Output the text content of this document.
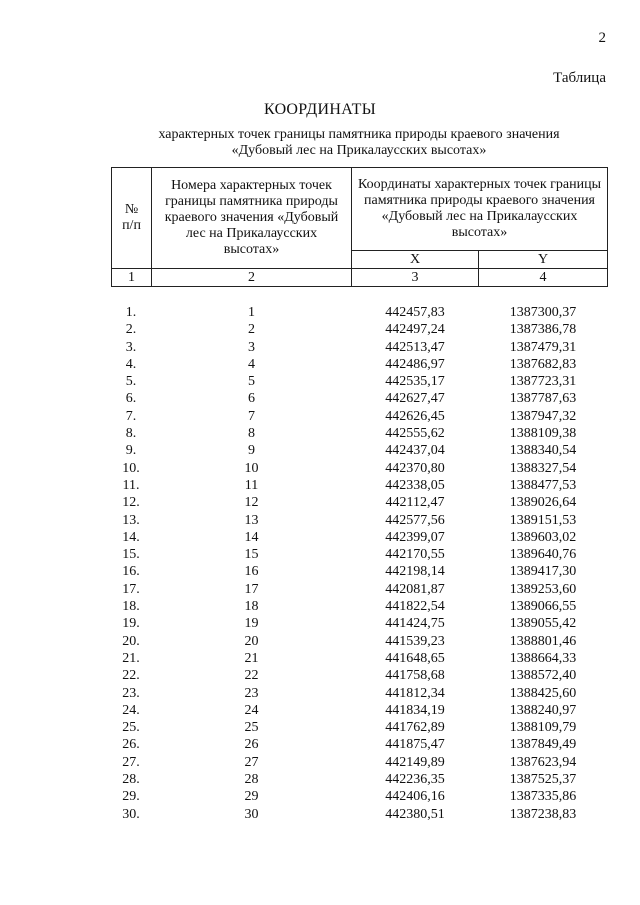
2
Таблица
КООРДИНАТЫ
характерных точек границы памятника природы краевого значения
«Дубовый лес на Прикалаусских высотах»
№ п/п	Номера характерных точек границы памятника природы краевого значения «Дубовый лес на Прикалаусских высотах»	Координаты характерных точек границы памятника природы краевого значения «Дубовый лес на Прикалаусских высотах»	
		X	Y
1	2	3	4
1.	1	442457,83	1387300,37
2.	2	442497,24	1387386,78
3.	3	442513,47	1387479,31
4.	4	442486,97	1387682,83
5.	5	442535,17	1387723,31
6.	6	442627,47	1387787,63
7.	7	442626,45	1387947,32
8.	8	442555,62	1388109,38
9.	9	442437,04	1388340,54
10.	10	442370,80	1388327,54
11.	11	442338,05	1388477,53
12.	12	442112,47	1389026,64
13.	13	442577,56	1389151,53
14.	14	442399,07	1389603,02
15.	15	442170,55	1389640,76
16.	16	442198,14	1389417,30
17.	17	442081,87	1389253,60
18.	18	441822,54	1389066,55
19.	19	441424,75	1389055,42
20.	20	441539,23	1388801,46
21.	21	441648,65	1388664,33
22.	22	441758,68	1388572,40
23.	23	441812,34	1388425,60
24.	24	441834,19	1388240,97
25.	25	441762,89	1388109,79
26.	26	441875,47	1387849,49
27.	27	442149,89	1387623,94
28.	28	442236,35	1387525,37
29.	29	442406,16	1387335,86
30.	30	442380,51	1387238,83
